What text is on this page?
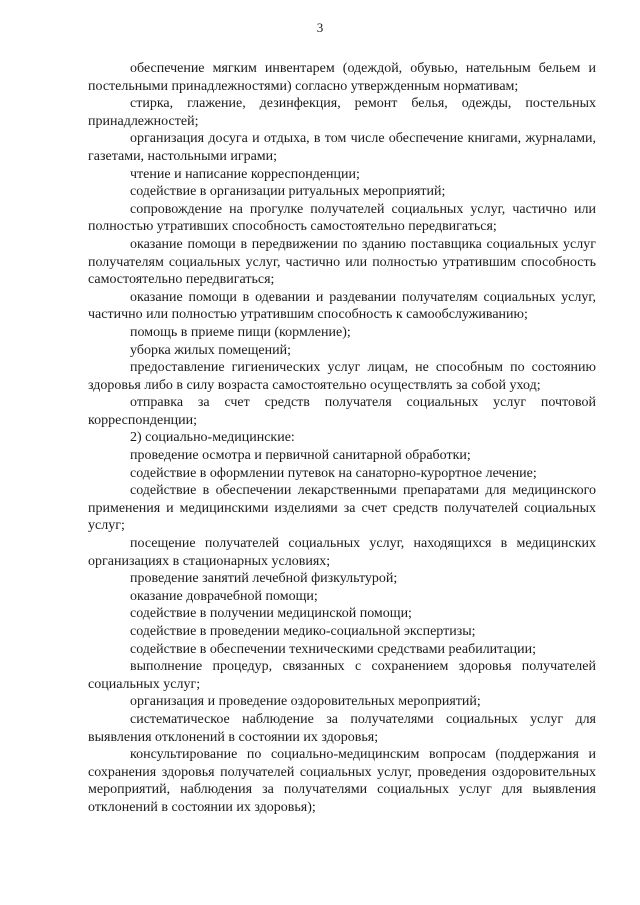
3

обеспечение мягким инвентарем (одеждой, обувью, нательным бельем и постельными принадлежностями) согласно утвержденным нормативам;

стирка, глажение, дезинфекция, ремонт белья, одежды, постельных принадлежностей;

организация досуга и отдыха, в том числе обеспечение книгами, журналами, газетами, настольными играми;

чтение и написание корреспонденции;

содействие в организации ритуальных мероприятий;

сопровождение на прогулке получателей социальных услуг, частично или полностью утративших способность самостоятельно передвигаться;

оказание помощи в передвижении по зданию поставщика социальных услуг получателям социальных услуг, частично или полностью утратившим способность самостоятельно передвигаться;

оказание помощи в одевании и раздевании получателям социальных услуг, частично или полностью утратившим способность к самообслуживанию;

помощь в приеме пищи (кормление);

уборка жилых помещений;

предоставление гигиенических услуг лицам, не способным по состоянию здоровья либо в силу возраста самостоятельно осуществлять за собой уход;

отправка за счет средств получателя социальных услуг почтовой корреспонденции;

2) социально-медицинские:

проведение осмотра и первичной санитарной обработки;

содействие в оформлении путевок на санаторно-курортное лечение;

содействие в обеспечении лекарственными препаратами для медицинского применения и медицинскими изделиями за счет средств получателей социальных услуг;

посещение получателей социальных услуг, находящихся в медицинских организациях в стационарных условиях;

проведение занятий лечебной физкультурой;

оказание доврачебной помощи;

содействие в получении медицинской помощи;

содействие в проведении медико-социальной экспертизы;

содействие в обеспечении техническими средствами реабилитации;

выполнение процедур, связанных с сохранением здоровья получателей социальных услуг;

организация и проведение оздоровительных мероприятий;

систематическое наблюдение за получателями социальных услуг для выявления отклонений в состоянии их здоровья;

консультирование по социально-медицинским вопросам (поддержания и сохранения здоровья получателей социальных услуг, проведения оздоровительных мероприятий, наблюдения за получателями социальных услуг для выявления отклонений в состоянии их здоровья);
